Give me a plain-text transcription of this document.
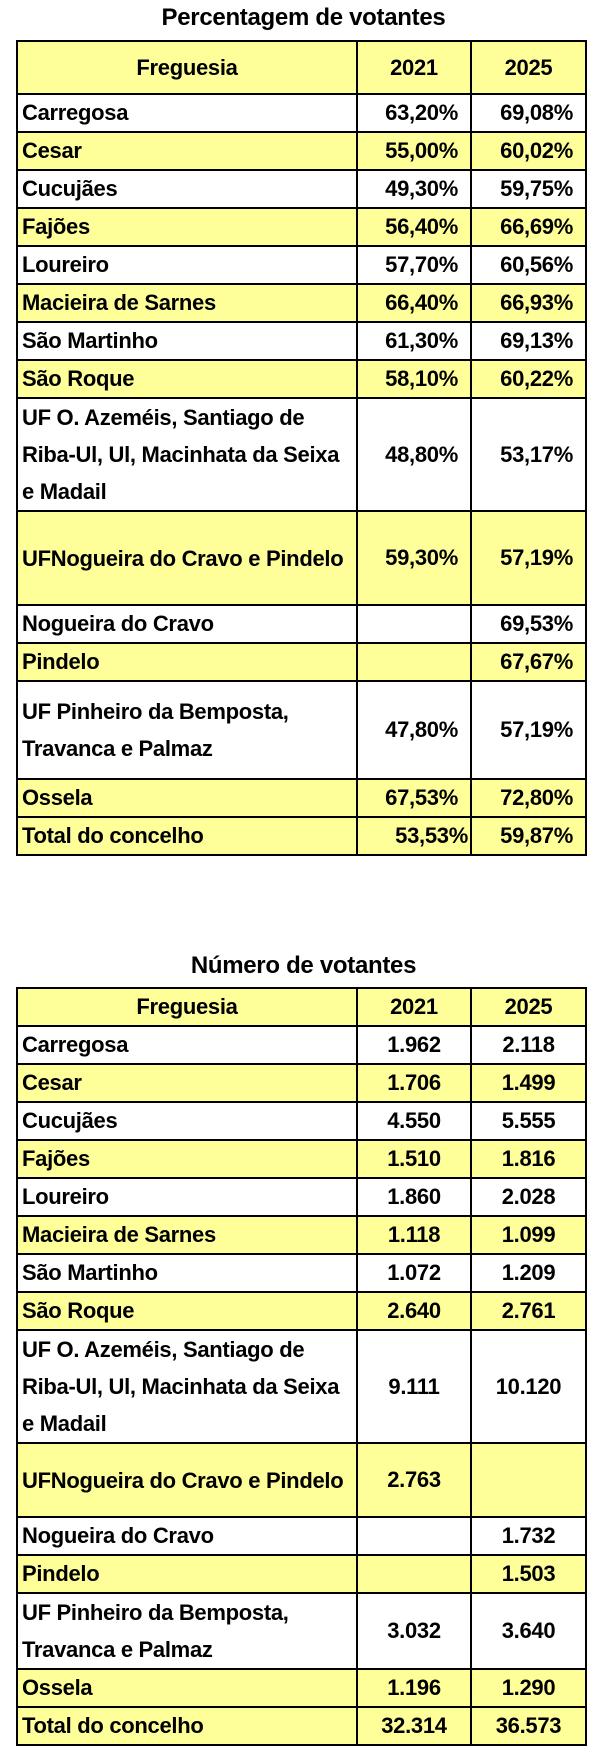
Percentagem de votantes
Freguesia	2021	2025
Carregosa	63,20%	69,08%
Cesar	55,00%	60,02%
Cucujães	49,30%	59,75%
Fajões	56,40%	66,69%
Loureiro	57,70%	60,56%
Macieira de Sarnes	66,40%	66,93%
São Martinho	61,30%	69,13%
São Roque	58,10%	60,22%
UF O. Azeméis, Santiago de Riba-Ul, Ul, Macinhata da Seixa e Madail	48,80%	53,17%
UFNogueira do Cravo e Pindelo	59,30%	57,19%
Nogueira do Cravo		69,53%
Pindelo		67,67%
UF Pinheiro da Bemposta, Travanca e Palmaz	47,80%	57,19%
Ossela	67,53%	72,80%
Total do concelho	53,53%	59,87%
Número de votantes
Freguesia	2021	2025
Carregosa	1.962	2.118
Cesar	1.706	1.499
Cucujães	4.550	5.555
Fajões	1.510	1.816
Loureiro	1.860	2.028
Macieira de Sarnes	1.118	1.099
São Martinho	1.072	1.209
São Roque	2.640	2.761
UF O. Azeméis, Santiago de Riba-Ul, Ul, Macinhata da Seixa e Madail	9.111	10.120
UFNogueira do Cravo e Pindelo	2.763	
Nogueira do Cravo		1.732
Pindelo		1.503
UF Pinheiro da Bemposta, Travanca e Palmaz	3.032	3.640
Ossela	1.196	1.290
Total do concelho	32.314	36.573
